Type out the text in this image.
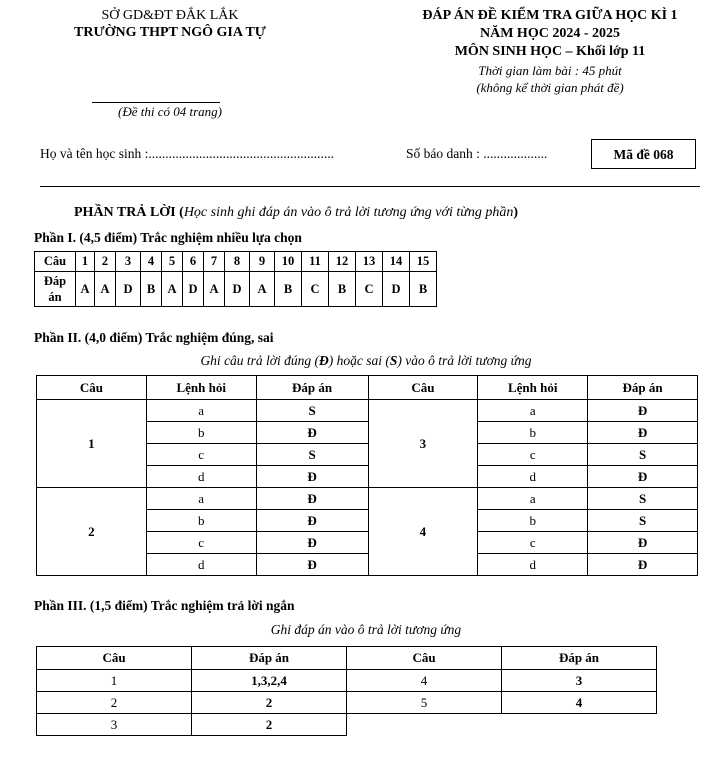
SỞ GD&ĐT ĐẮK LẮK
TRƯỜNG THPT NGÔ GIA TỰ
(Đề thi có 04 trang)
ĐÁP ÁN ĐỀ KIỂM TRA GIỮA HỌC KÌ 1
NĂM HỌC 2024 - 2025
MÔN SINH HỌC – Khối lớp 11
Thời gian làm bài : 45 phút
(không kể thời gian phát đề)
Họ và tên học sinh :.......................................................	Số báo danh : ...................	Mã đề 068
PHẦN TRẢ LỜI (Học sinh ghi đáp án vào ô trả lời tương ứng với từng phần)
Phần I. (4,5 điểm) Trắc nghiệm nhiều lựa chọn
Câu	1	2	3	4	5	6	7	8	9	10	11	12	13	14	15
Đáp
án	A	A	D	B	A	D	A	D	A	B	C	B	C	D	B
Phần II. (4,0 điểm) Trắc nghiệm đúng, sai
Ghi câu trả lời đúng (Đ) hoặc sai (S) vào ô trả lời tương ứng
Câu	Lệnh hỏi	Đáp án	Câu	Lệnh hỏi	Đáp án
1	a	S	3	a	Đ
	b	Đ		b	Đ
	c	S		c	S
	d	Đ		d	Đ
2	a	Đ	4	a	S
	b	Đ		b	S
	c	Đ		c	Đ
	d	Đ		d	Đ
Phần III. (1,5 điểm) Trắc nghiệm trả lời ngắn
Ghi đáp án vào ô trả lời tương ứng
Câu	Đáp án	Câu	Đáp án
1	1,3,2,4	4	3
2	2	5	4
3	2		
